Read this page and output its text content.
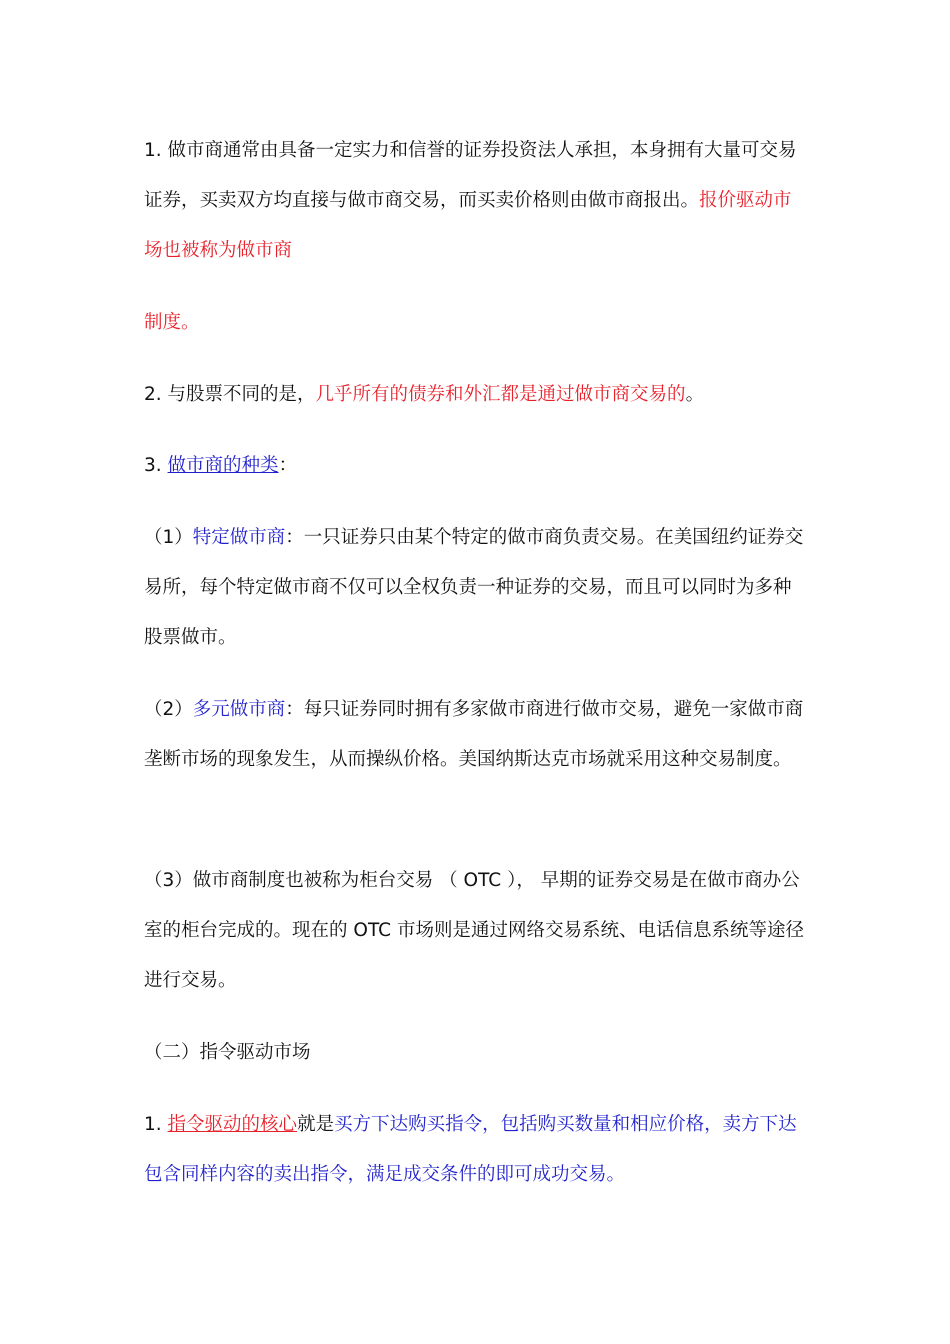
1. 做市商通常由具备一定实力和信誉的证券投资法人承担，本身拥有大量可交易证券，买卖双方均直接与做市商交易，而买卖价格则由做市商报出。报价驱动市场也被称为做市商

制度。

2. 与股票不同的是，几乎所有的债券和外汇都是通过做市商交易的。

3. 做市商的种类：

（1）特定做市商：一只证券只由某个特定的做市商负责交易。在美国纽约证券交易所，每个特定做市商不仅可以全权负责一种证券的交易，而且可以同时为多种股票做市。

（2）多元做市商：每只证券同时拥有多家做市商进行做市交易，避免一家做市商垄断市场的现象发生，从而操纵价格。美国纳斯达克市场就采用这种交易制度。

（3）做市商制度也被称为柜台交易 （ OTC ）， 早期的证券交易是在做市商办公室的柜台完成的。现在的 OTC 市场则是通过网络交易系统、电话信息系统等途径进行交易。

（二）指令驱动市场

1. 指令驱动的核心就是买方下达购买指令，包括购买数量和相应价格，卖方下达包含同样内容的卖出指令，满足成交条件的即可成功交易。
